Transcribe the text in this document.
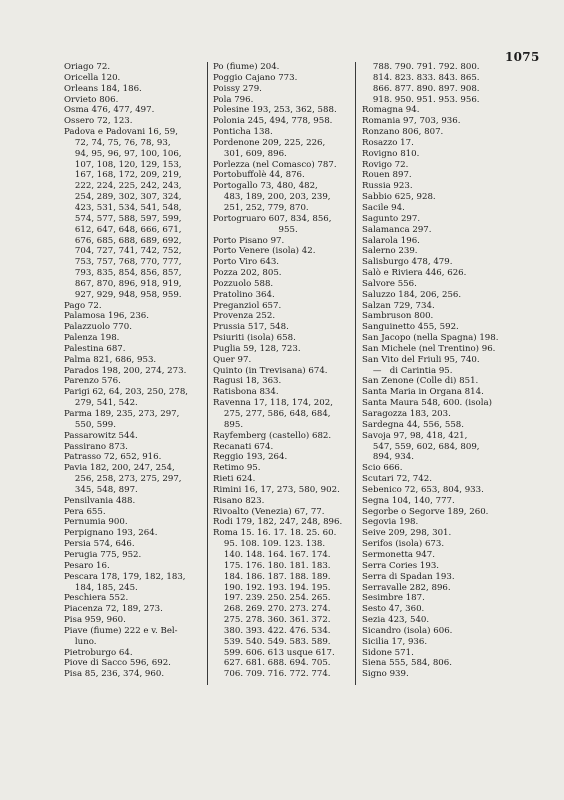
1075
Oriago 72.
Oricella 120.
Orleans 184, 186.
Orvieto 806.
Osma 476, 477, 497.
Ossero 72, 123.
Padova e Padovani 16, 59,
72, 74, 75, 76, 78, 93,
94, 95, 96, 97, 100, 106,
107, 108, 120, 129, 153,
167, 168, 172, 209, 219,
222, 224, 225, 242, 243,
254, 289, 302, 307, 324,
423, 531, 534, 541, 548,
574, 577, 588, 597, 599,
612, 647, 648, 666, 671,
676, 685, 688, 689, 692,
704, 727, 741, 742, 752,
753, 757, 768, 770, 777,
793, 835, 854, 856, 857,
867, 870, 896, 918, 919,
927, 929, 948, 958, 959.
Pago 72.
Palamosa 196, 236.
Palazzuolo 770.
Palenza 198.
Palestina 687.
Palma 821, 686, 953.
Parados 198, 200, 274, 273.
Parenzo 576.
Parigi 62, 64, 203, 250, 278,
279, 541, 542.
Parma 189, 235, 273, 297,
550, 599.
Passarowitz 544.
Passirano 873.
Patrasso 72, 652, 916.
Pavia 182, 200, 247, 254,
256, 258, 273, 275, 297,
345, 548, 897.
Pensilvania 488.
Pera 655.
Pernumia 900.
Perpignano 193, 264.
Persia 574, 646.
Perugia 775, 952.
Pesaro 16.
Pescara 178, 179, 182, 183,
184, 185, 245.
Peschiera 552.
Piacenza 72, 189, 273.
Pisa 959, 960.
Piave (fiume) 222 e v. Bel-
luno.
Pietroburgo 64.
Piove di Sacco 596, 692.
Pisa 85, 236, 374, 960.
Po (fiume) 204.
Poggio Cajano 773.
Poissy 279.
Pola 796.
Polesine 193, 253, 362, 588.
Polonia 245, 494, 778, 958.
Ponticha 138.
Pordenone 209, 225, 226,
301, 609, 896.
Porlezza (nel Comasco) 787.
Portobuffolè 44, 876.
Portogallo 73, 480, 482,
483, 189, 200, 203, 239,
251, 252, 779, 870.
Portogruaro 607, 834, 856,
955.
Porto Pisano 97.
Porto Venere (isola) 42.
Porto Viro 643.
Pozza 202, 805.
Pozzuolo 588.
Pratolino 364.
Preganziol 657.
Provenza 252.
Prussia 517, 548.
Psiuriti (isola) 658.
Puglia 59, 128, 723.
Quer 97.
Quinto (in Trevisana) 674.
Ragusi 18, 363.
Ratisbona 834.
Ravenna 17, 118, 174, 202,
275, 277, 586, 648, 684,
895.
Rayfemberg (castello) 682.
Recanati 674.
Reggio 193, 264.
Retimo 95.
Rieti 624.
Rimini 16, 17, 273, 580, 902.
Risano 823.
Rivoalto (Venezia) 67, 77.
Rodi 179, 182, 247, 248, 896.
Roma 15. 16. 17. 18. 25. 60.
95. 108. 109. 123. 138.
140. 148. 164. 167. 174.
175. 176. 180. 181. 183.
184. 186. 187. 188. 189.
190. 192. 193. 194. 195.
197. 239. 250. 254. 265.
268. 269. 270. 273. 274.
275. 278. 360. 361. 372.
380. 393. 422. 476. 534.
539. 540. 549. 583. 589.
599. 606. 613 usque 617.
627. 681. 688. 694. 705.
706. 709. 716. 772. 774.
788. 790. 791. 792. 800.
814. 823. 833. 843. 865.
866. 877. 890. 897. 908.
918. 950. 951. 953. 956.
Romagna 94.
Romania 97, 703, 936.
Ronzano 806, 807.
Rosazzo 17.
Rovigno 810.
Rovigo 72.
Rouen 897.
Russia 923.
Sabbio 625, 928.
Sacile 94.
Sagunto 297.
Salamanca 297.
Salarola 196.
Salerno 239.
Salisburgo 478, 479.
Salò e Riviera 446, 626.
Salvore 556.
Saluzzo 184, 206, 256.
Salzan 729, 734.
Sambruson 800.
Sanguinetto 455, 592.
San Jacopo (nella Spagna) 198.
San Michele (nel Trentino) 96.
San Vito del Friuli 95, 740.
—   di Carintia 95.
San Zenone (Colle di) 851.
Santa Maria in Organa 814.
Santa Maura 548, 600. (isola)
Saragozza 183, 203.
Sardegna 44, 556, 558.
Savoja 97, 98, 418, 421,
547, 559, 602, 684, 809,
894, 934.
Scio 666.
Scutari 72, 742.
Sebenico 72, 653, 804, 933.
Segna 104, 140, 777.
Segorbe o Segorve 189, 260.
Segovia 198.
Seive 209, 298, 301.
Serifos (isola) 673.
Sermonetta 947.
Serra Cories 193.
Serra di Spadan 193.
Serravalle 282, 896.
Sesimbre 187.
Sesto 47, 360.
Sezia 423, 540.
Sicandro (isola) 606.
Sicilia 17, 936.
Sidone 571.
Siena 555, 584, 806.
Signo 939.
